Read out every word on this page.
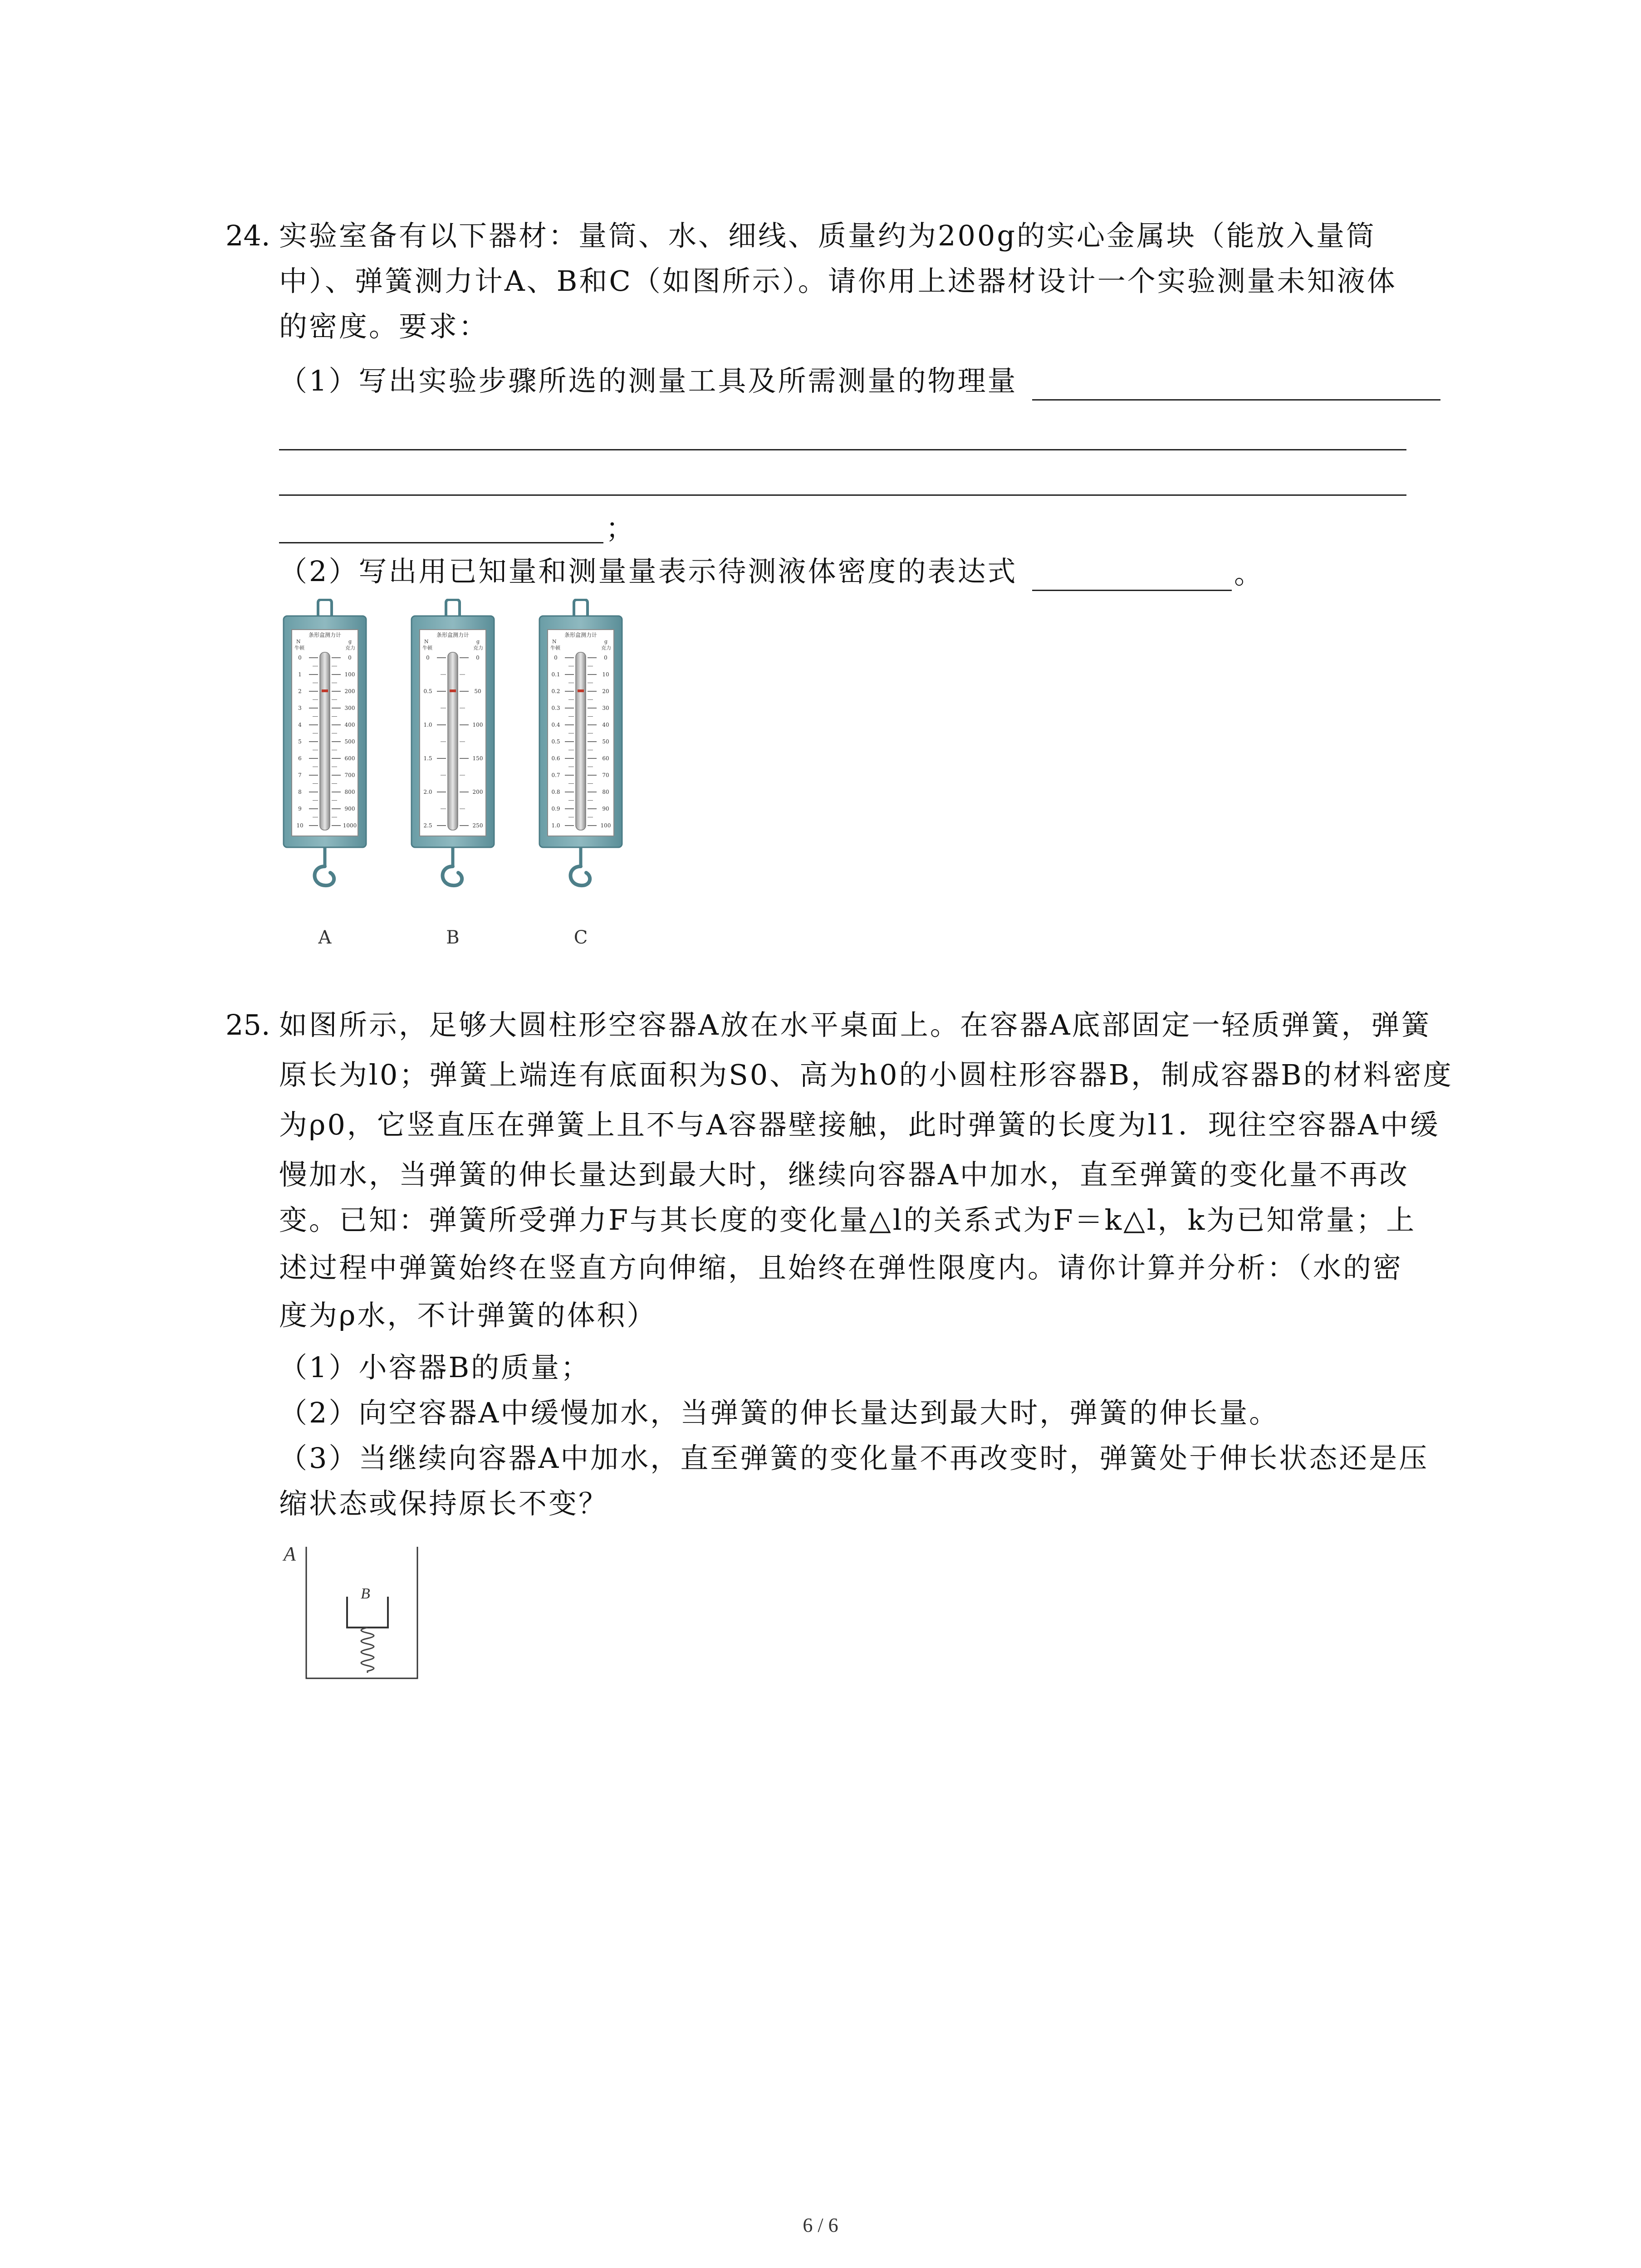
24. 实验室备有以下器材：量筒、水、细线、质量约为200g的实心金属块（能放入量筒
中）、弹簧测力计A、B和C（如图所示）。请你用上述器材设计一个实验测量未知液体
的密度。要求：
（1）写出实验步骤所选的测量工具及所需测量的物理量
；
（2）写出用已知量和测量量表示待测液体密度的表达式	。
条形盒测力计
N	g
牛顿	克力
0	0
1	100
2	200
3	300
4	400
5	500
6	600
7	700
8	800
9	900
10	1000
A
条形盒测力计
N	g
牛顿	克力
0	0
0.5	50
1.0	100
1.5	150
2.0	200
2.5	250
B
条形盒测力计
N	g
牛顿	克力
0	0
0.1	10
0.2	20
0.3	30
0.4	40
0.5	50
0.6	60
0.7	70
0.8	80
0.9	90
1.0	100
C
25. 如图所示，足够大圆柱形空容器A放在水平桌面上。在容器A底部固定一轻质弹簧，弹簧
原长为l0；弹簧上端连有底面积为S0、高为h0的小圆柱形容器B，制成容器B的材料密度
为ρ0，它竖直压在弹簧上且不与A容器壁接触，此时弹簧的长度为l1．现往空容器A中缓
慢加水，当弹簧的伸长量达到最大时，继续向容器A中加水，直至弹簧的变化量不再改
变。已知：弹簧所受弹力F与其长度的变化量△l的关系式为F＝k△l，k为已知常量；上
述过程中弹簧始终在竖直方向伸缩，且始终在弹性限度内。请你计算并分析：（水的密
度为ρ水，不计弹簧的体积）
（1）小容器B的质量；
（2）向空容器A中缓慢加水，当弹簧的伸长量达到最大时，弹簧的伸长量。
（3）当继续向容器A中加水，直至弹簧的变化量不再改变时，弹簧处于伸长状态还是压
缩状态或保持原长不变？
A
B
6 / 6
